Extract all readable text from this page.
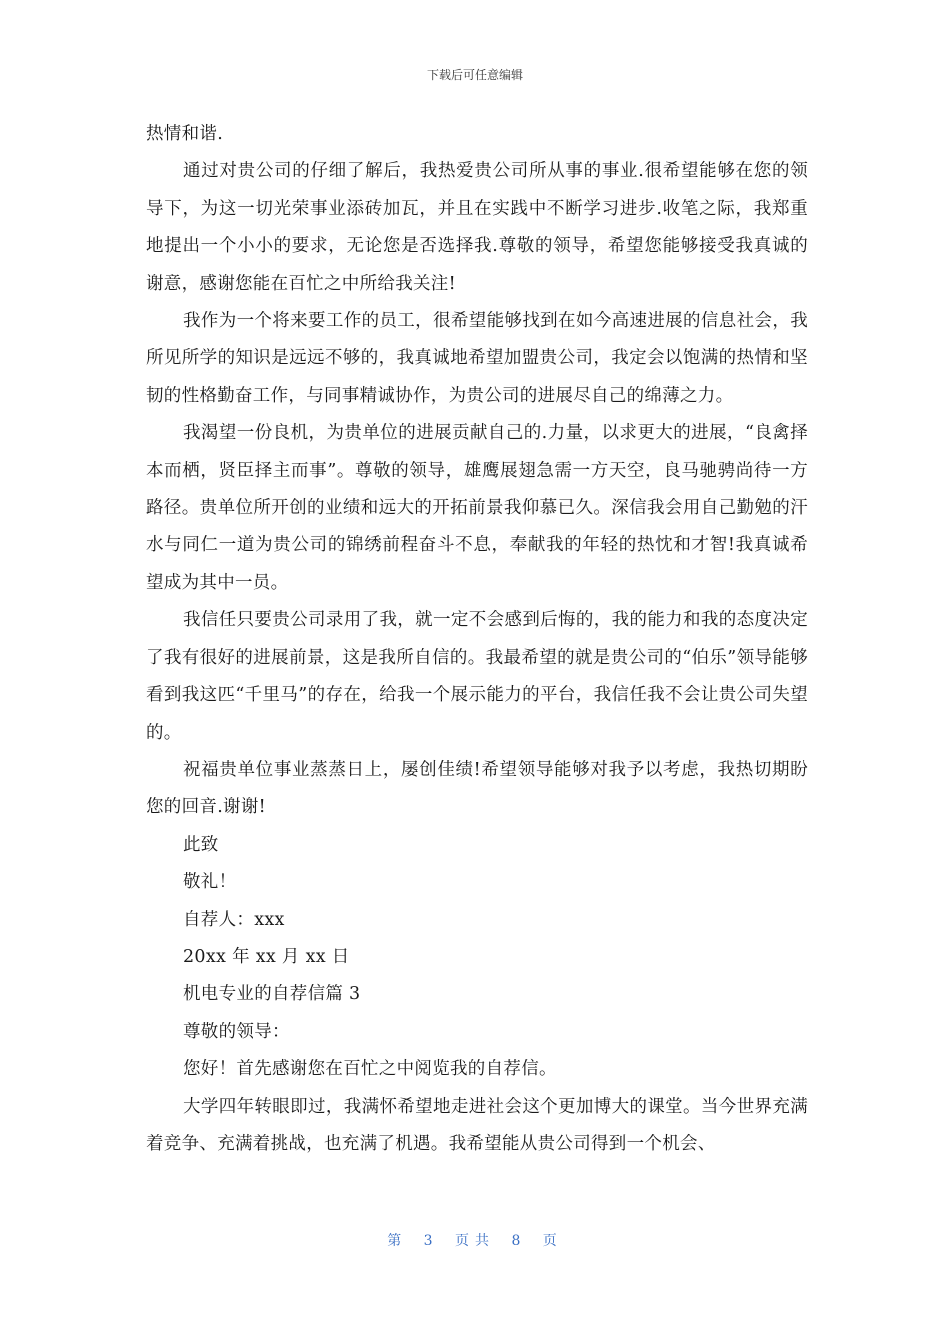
下载后可任意编辑

热情和谐.

通过对贵公司的仔细了解后，我热爱贵公司所从事的事业.很希望能够在您的领导下，为这一切光荣事业添砖加瓦，并且在实践中不断学习进步.收笔之际，我郑重地提出一个小小的要求，无论您是否选择我.尊敬的领导，希望您能够接受我真诚的谢意，感谢您能在百忙之中所给我关注!

我作为一个将来要工作的员工，很希望能够找到在如今高速进展的信息社会，我所见所学的知识是远远不够的，我真诚地希望加盟贵公司，我定会以饱满的热情和坚韧的性格勤奋工作，与同事精诚协作，为贵公司的进展尽自己的绵薄之力。

我渴望一份良机，为贵单位的进展贡献自己的.力量，以求更大的进展，“良禽择本而栖，贤臣择主而事”。尊敬的领导，雄鹰展翅急需一方天空，良马驰骋尚待一方路径。贵单位所开创的业绩和远大的开拓前景我仰慕已久。深信我会用自己勤勉的汗水与同仁一道为贵公司的锦绣前程奋斗不息，奉献我的年轻的热忱和才智!我真诚希望成为其中一员。

我信任只要贵公司录用了我，就一定不会感到后悔的，我的能力和我的态度决定了我有很好的进展前景，这是我所自信的。我最希望的就是贵公司的“伯乐”领导能够看到我这匹“千里马”的存在，给我一个展示能力的平台，我信任我不会让贵公司失望的。

祝福贵单位事业蒸蒸日上，屡创佳绩!希望领导能够对我予以考虑，我热切期盼您的回音.谢谢!

此致

敬礼！

自荐人：xxx

20xx 年 xx 月 xx 日

机电专业的自荐信篇 3

尊敬的领导：

您好！首先感谢您在百忙之中阅览我的自荐信。

大学四年转眼即过，我满怀希望地走进社会这个更加博大的课堂。当今世界充满着竞争、充满着挑战，也充满了机遇。我希望能从贵公司得到一个机会、

第 3 页共 8 页
